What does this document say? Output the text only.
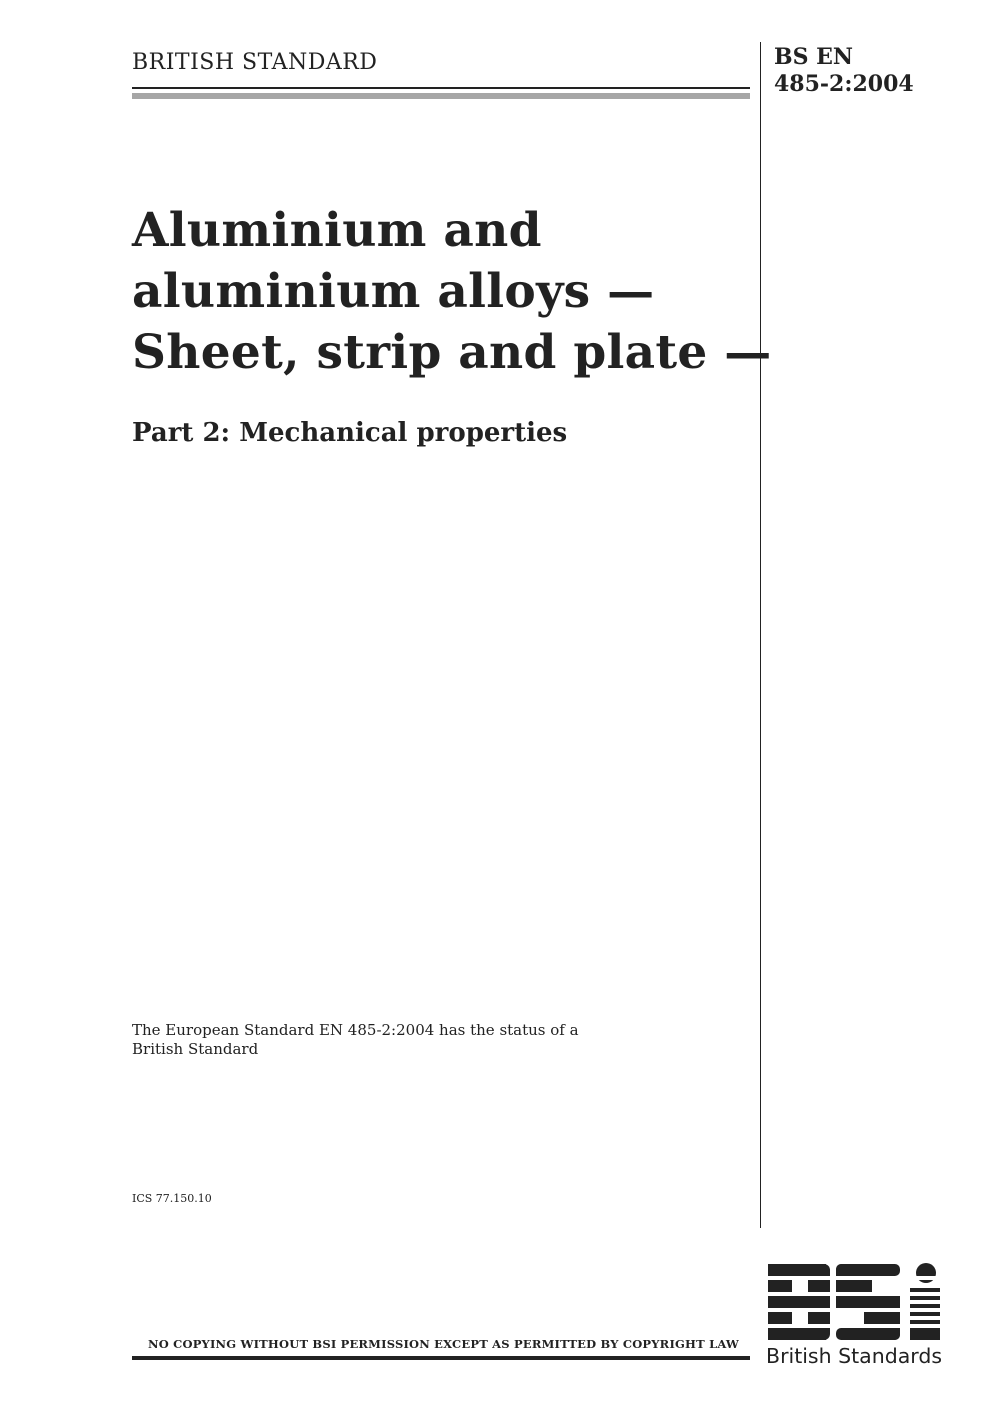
BRITISH STANDARD	BS EN
485-2:2004
Aluminium and
aluminium alloys —
Sheet, strip and plate —
Part 2: Mechanical properties
The European Standard EN 485-2:2004 has the status of a
British Standard
ICS 77.150.10
NO COPYING WITHOUT BSI PERMISSION EXCEPT AS PERMITTED BY COPYRIGHT LAW British Standards
